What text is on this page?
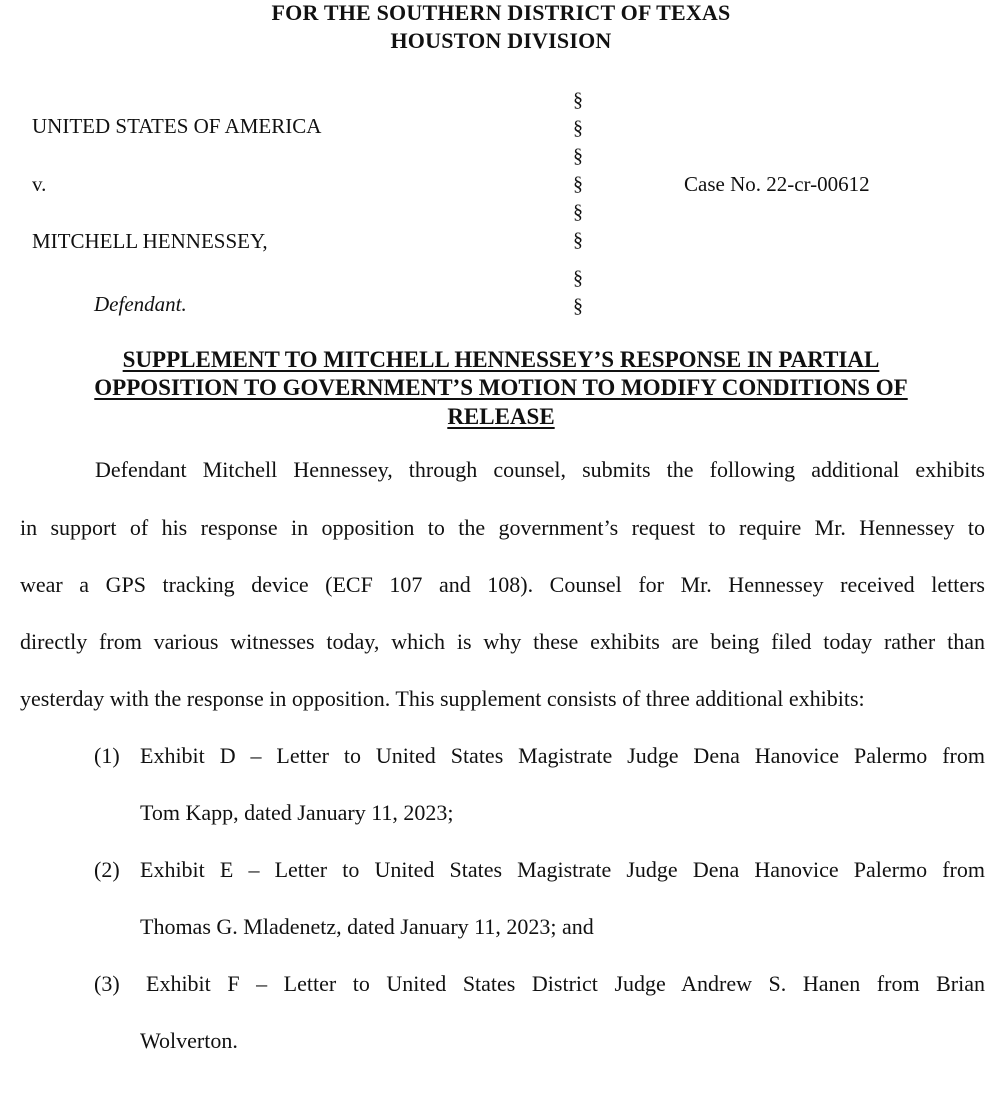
FOR THE SOUTHERN DISTRICT OF TEXAS
HOUSTON DIVISION
UNITED STATES OF AMERICA
v.
MITCHELL HENNESSEY,
Defendant.
§
§
§
§
§
§
§
§
Case No. 22-cr-00612
SUPPLEMENT TO MITCHELL HENNESSEY’S RESPONSE IN PARTIAL
OPPOSITION TO GOVERNMENT’S MOTION TO MODIFY CONDITIONS OF
RELEASE
Defendant Mitchell Hennessey, through counsel, submits the following additional exhibits
in support of his response in opposition to the government’s request to require Mr. Hennessey to
wear a GPS tracking device (ECF 107 and 108). Counsel for Mr. Hennessey received letters
directly from various witnesses today, which is why these exhibits are being filed today rather than
yesterday with the response in opposition. This supplement consists of three additional exhibits:
(1) Exhibit D – Letter to United States Magistrate Judge Dena Hanovice Palermo from
Tom Kapp, dated January 11, 2023;
(2) Exhibit E – Letter to United States Magistrate Judge Dena Hanovice Palermo from
Thomas G. Mladenetz, dated January 11, 2023; and
(3) Exhibit F – Letter to United States District Judge Andrew S. Hanen from Brian
Wolverton.
